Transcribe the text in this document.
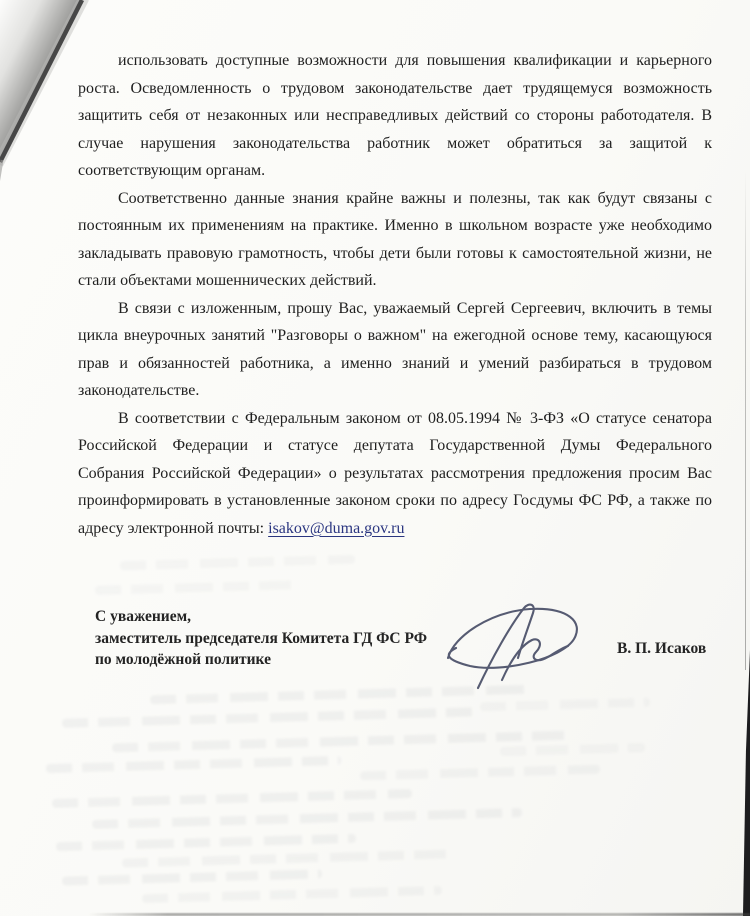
использовать доступные возможности для повышения квалификации и карьерного
роста. Осведомленность о трудовом законодательстве дает трудящемуся возможность
защитить себя от незаконных или несправедливых действий со стороны работодателя. В
случае нарушения законодательства работник может обратиться за защитой к
соответствующим органам.
Соответственно данные знания крайне важны и полезны, так как будут связаны с
постоянным их применениям на практике. Именно в школьном возрасте уже необходимо
закладывать правовую грамотность, чтобы дети были готовы к самостоятельной жизни, не
стали объектами мошеннических действий.
В связи с изложенным, прошу Вас, уважаемый Сергей Сергеевич, включить в темы
цикла внеурочных занятий "Разговоры о важном" на ежегодной основе тему, касающуюся
прав и обязанностей работника, а именно знаний и умений разбираться в трудовом
законодательстве.
В соответствии с Федеральным законом от 08.05.1994 № 3-ФЗ «О статусе сенатора
Российской Федерации и статусе депутата Государственной Думы Федерального
Собрания Российской Федерации» о результатах рассмотрения предложения просим Вас
проинформировать в установленные законом сроки по адресу Госдумы ФС РФ, а также по
адресу электронной почты: isakov@duma.gov.ru
С уважением,
заместитель председателя Комитета ГД ФС РФ
по молодёжной политике
В. П. Исаков
